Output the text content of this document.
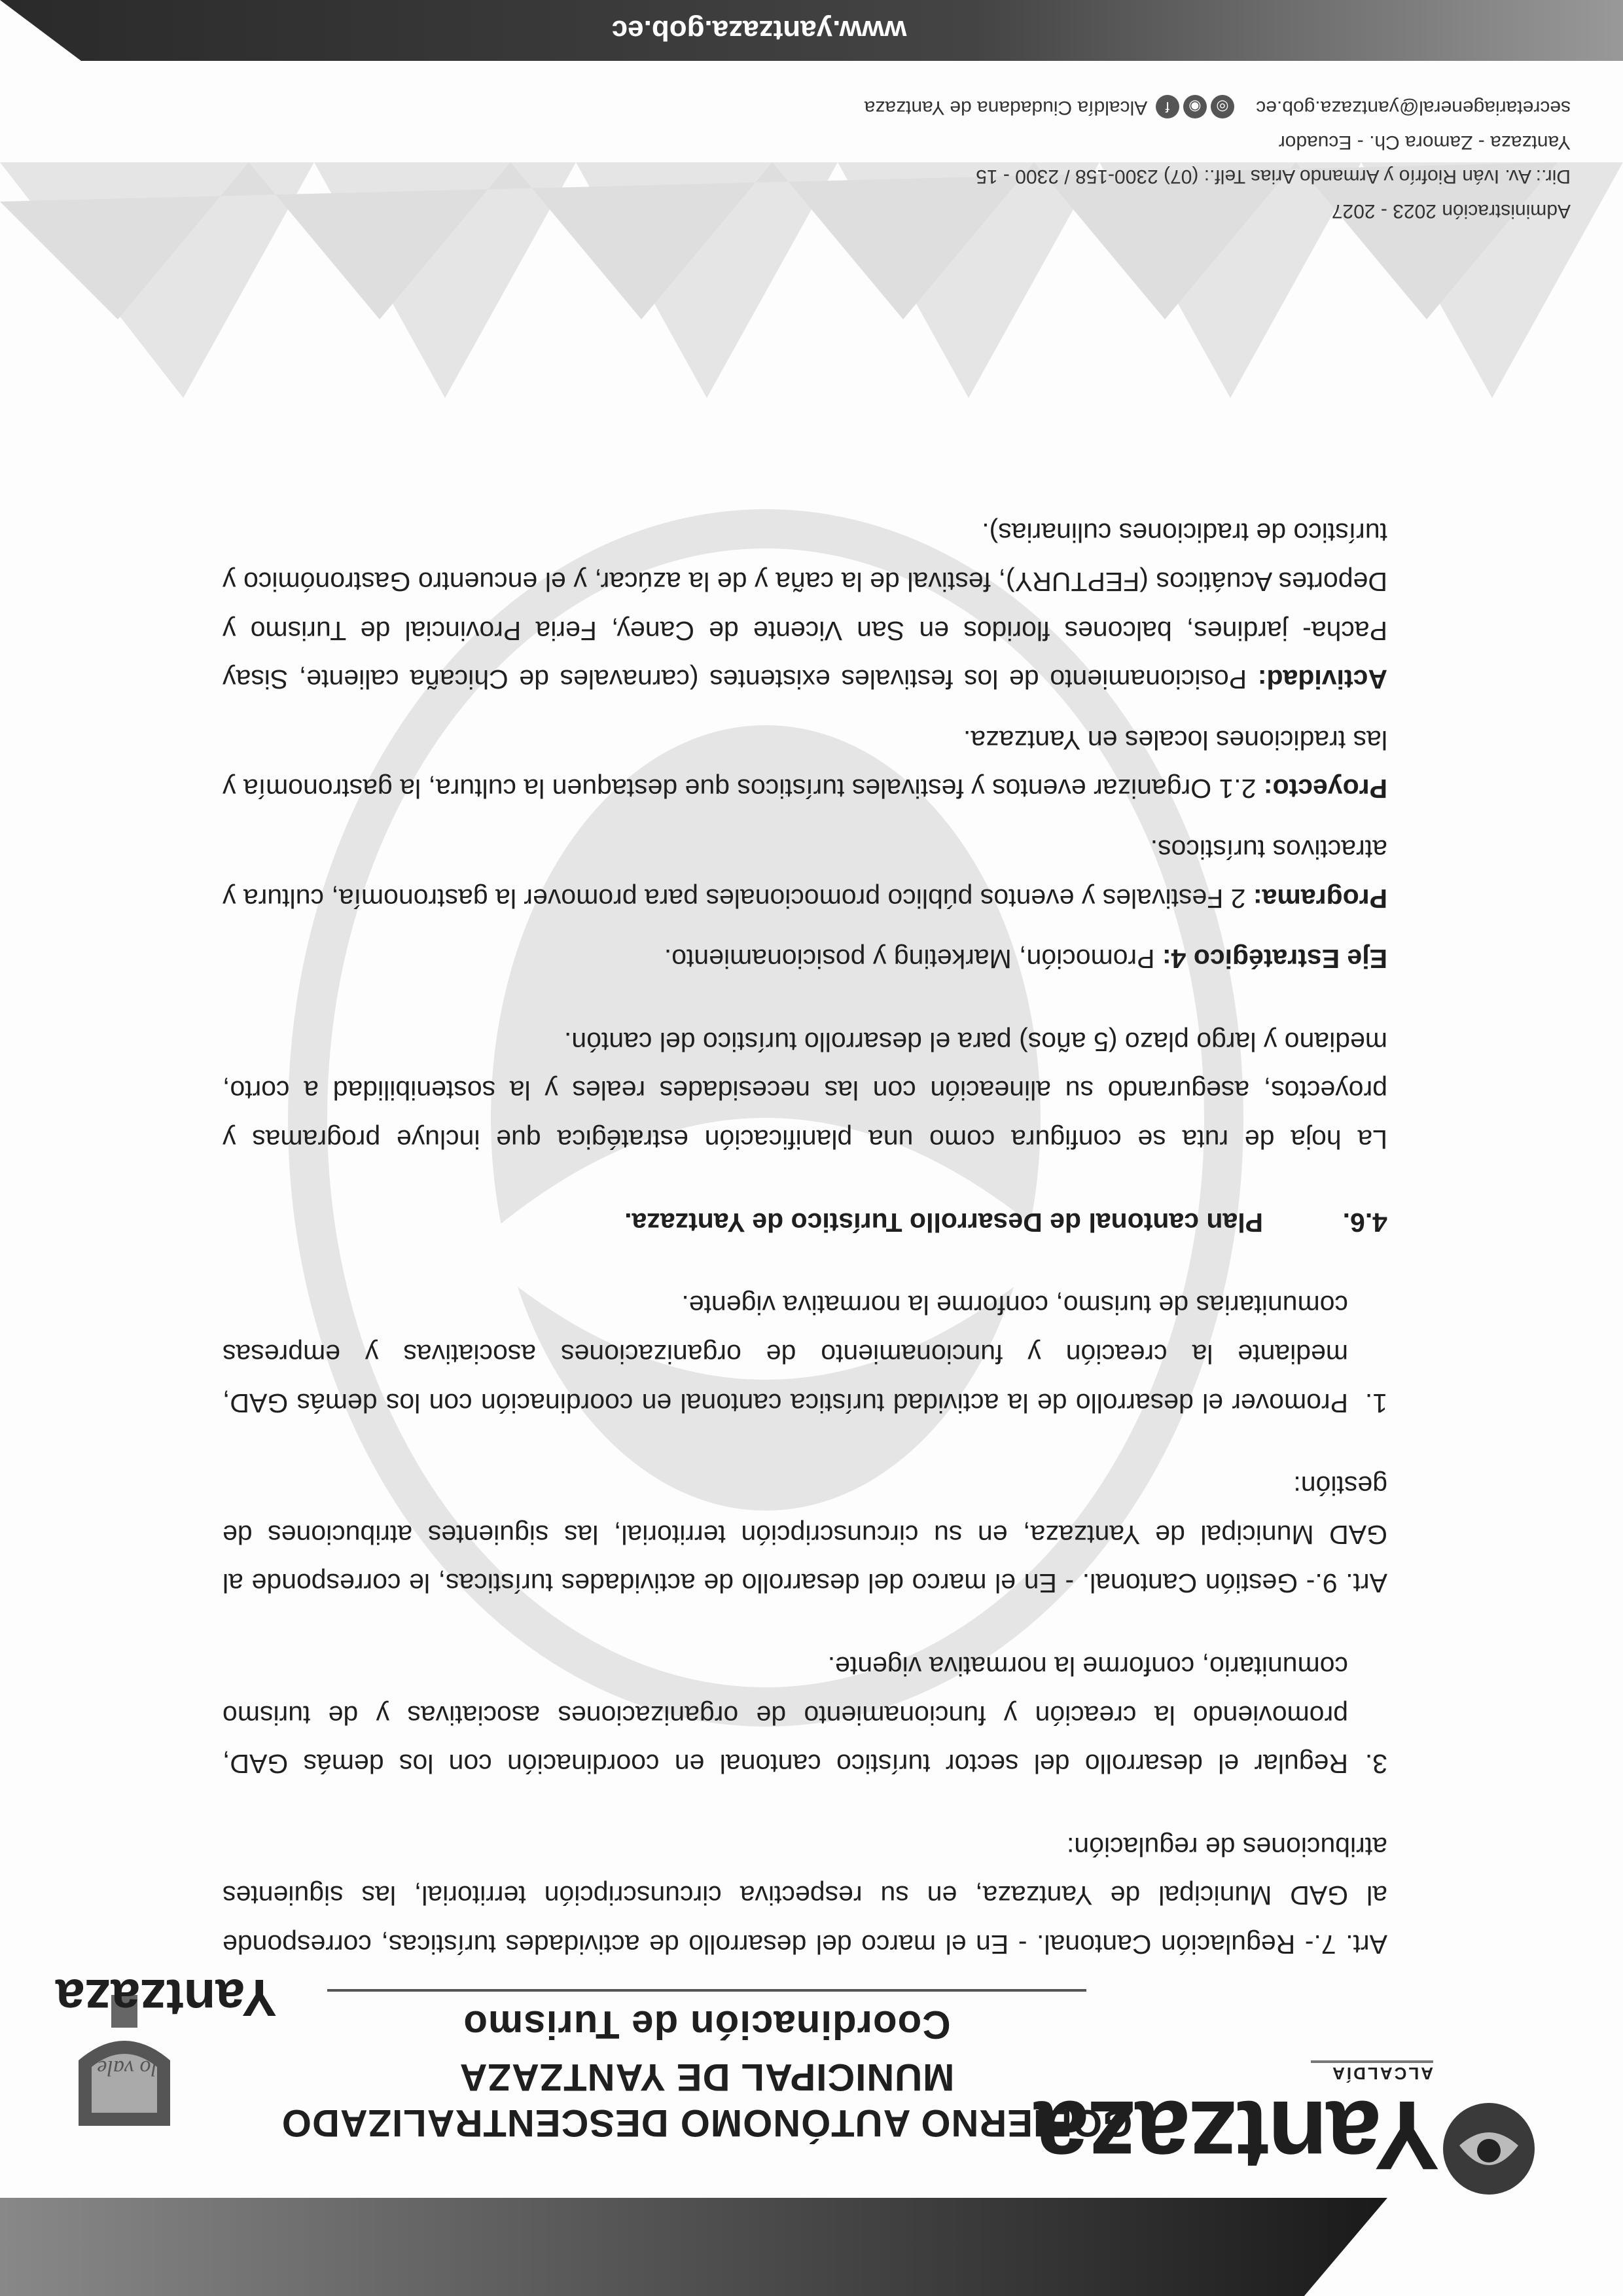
Yantzaza
ALCALDÍA
GOBIERNO AUTÓNOMO DESCENTRALIZADO
MUNICIPAL DE YANTZAZA
Coordinación de Turismo
lo vale
Yantzaza

Art. 7.- Regulación Cantonal. - En el marco del desarrollo de actividades turísticas, corresponde al GAD Municipal de Yantzaza, en su respectiva circunscripción territorial, las siguientes atribuciones de regulación:

3.
Regular el desarrollo del sector turístico cantonal en coordinación con los demás GAD, promoviendo la creación y funcionamiento de organizaciones asociativas y de turismo comunitario, conforme la normativa vigente.

Art. 9.- Gestión Cantonal. - En el marco del desarrollo de actividades turísticas, le corresponde al GAD Municipal de Yantzaza, en su circunscripción territorial, las siguientes atribuciones de gestión:

1.
Promover el desarrollo de la actividad turística cantonal en coordinación con los demás GAD, mediante la creación y funcionamiento de organizaciones asociativas y empresas comunitarias de turismo, conforme la normativa vigente.
4.6.
Plan cantonal de Desarrollo Turístico de Yantzaza.

La hoja de ruta se configura como una planificación estratégica que incluye programas y proyectos, asegurando su alineación con las necesidades reales y la sostenibilidad a corto, mediano y largo plazo (5 años) para el desarrollo turístico del cantón.

Eje Estratégico 4: Promoción, Marketing y posicionamiento.
Programa: 2 Festivales y eventos público promocionales para promover la gastronomía, cultura y atractivos turísticos.
Proyecto: 2.1 Organizar eventos y festivales turísticos que destaquen la cultura, la gastronomía y las tradiciones locales en Yantzaza.
Actividad: Posicionamiento de los festivales existentes (carnavales de Chicaña caliente, Sisay Pacha- jardines, balcones floridos en San Vicente de Caney, Feria Provincial de Turismo y Deportes Acuáticos (FEPTURY), festival de la caña y de la azúcar, y el encuentro Gastronómico y turístico de tradiciones culinarias).
Administración 2023 - 2027
Dir.: Av. Iván Riofrío y Armando Arias Telf.: (07) 2300-158 / 2300 - 15
Yantzaza - Zamora Ch. - Ecuador
secretariageneral@yantzaza.gob.ec    ◎◉f Alcaldía Ciudadana de Yantzaza
www.yantzaza.gob.ec
